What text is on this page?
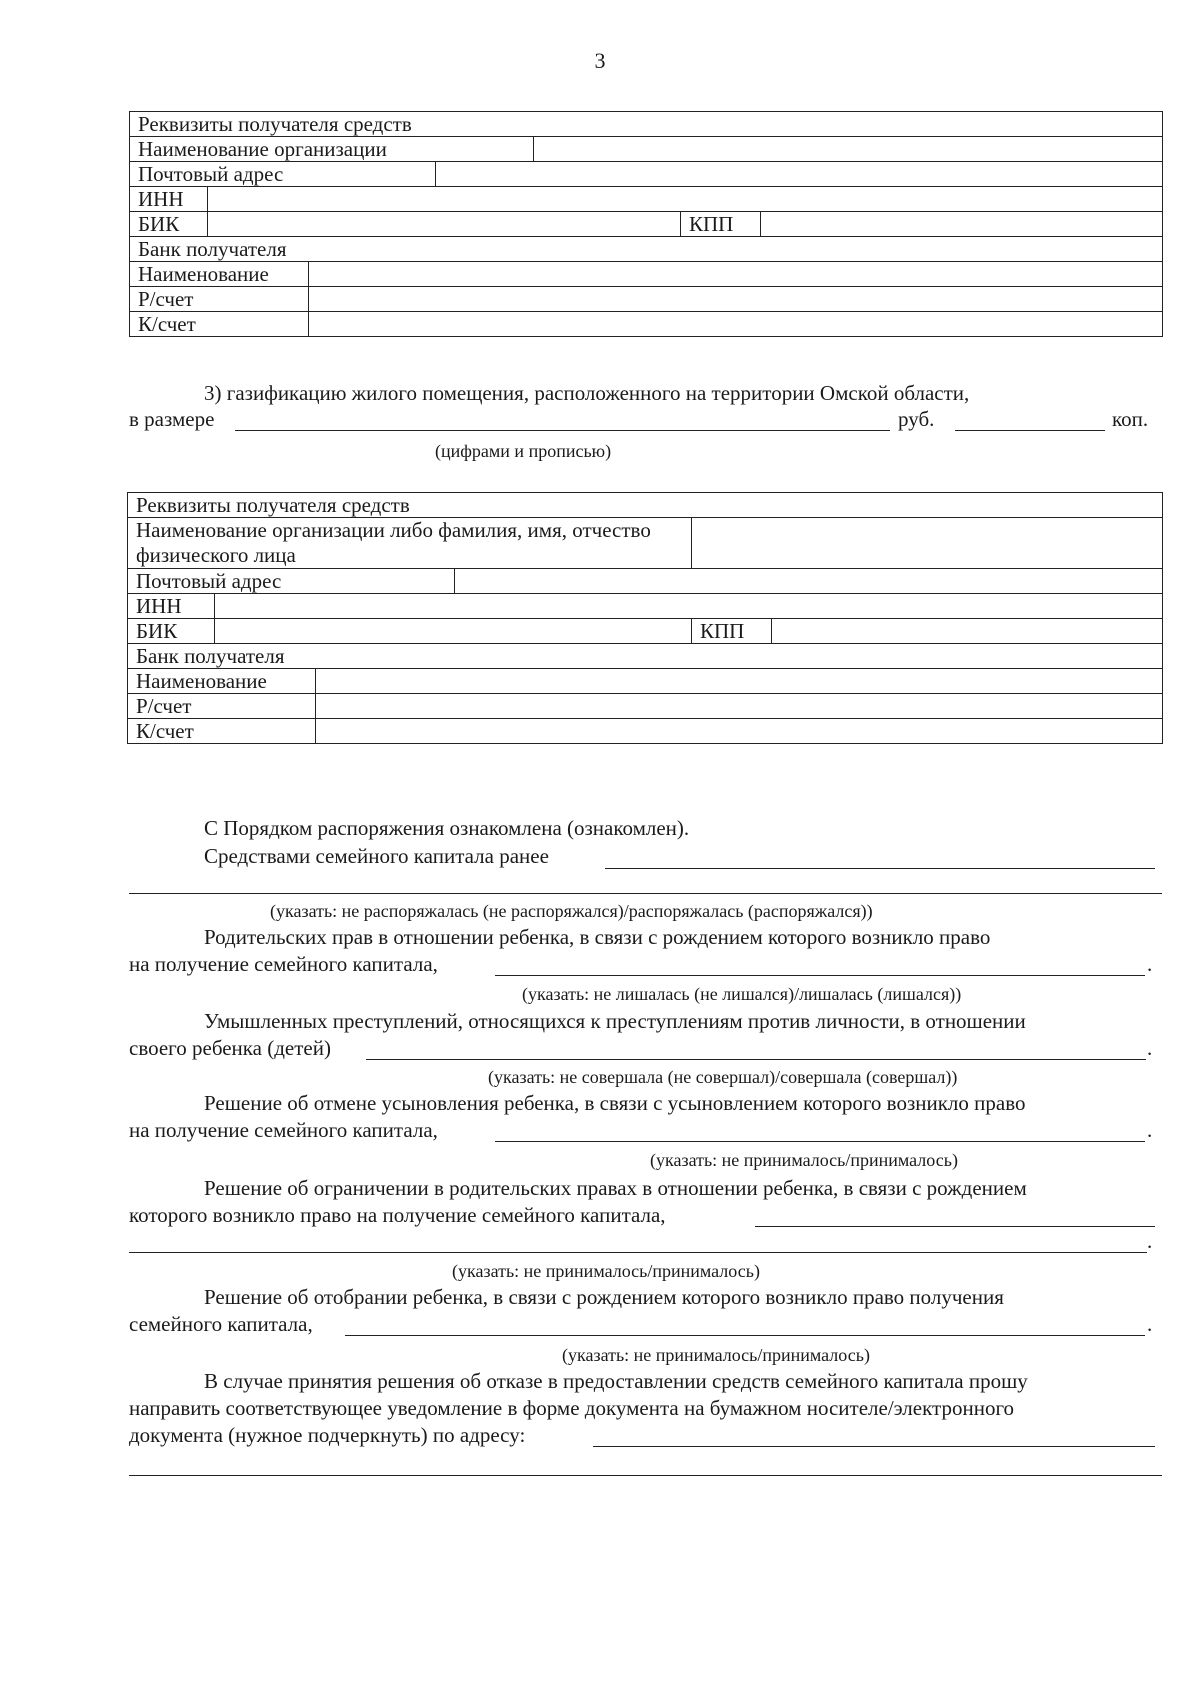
3
Реквизиты получателя средств						
Наименование организации						
Почтовый адрес						
ИНН						
БИК					КПП	
Банк получателя						
Наименование						
Р/счет						
К/счет						
3) газификацию жилого помещения, расположенного на территории Омской области,
в размере	руб.	коп.
(цифрами и прописью)
Реквизиты получателя средств					
Наименование организации либо фамилия, имя, отчество физического лица					
Почтовый адрес					
ИНН					
БИК				КПП	
Банк получателя					
Наименование					
Р/счет					
К/счет					
С Порядком распоряжения ознакомлена (ознакомлен).
Средствами семейного капитала ранее
(указать: не распоряжалась (не распоряжался)/распоряжалась (распоряжался))
Родительских прав в отношении ребенка, в связи с рождением которого возникло право
на получение семейного капитала,	.
(указать: не лишалась (не лишался)/лишалась (лишался))
Умышленных преступлений, относящихся к преступлениям против личности, в отношении
своего ребенка (детей)	.
(указать: не совершала (не совершал)/совершала (совершал))
Решение об отмене усыновления ребенка, в связи с усыновлением которого возникло право
на получение семейного капитала,	.
(указать: не принималось/принималось)
Решение об ограничении в родительских правах в отношении ребенка, в связи с рождением
которого возникло право на получение семейного капитала,
.
(указать: не принималось/принималось)
Решение об отобрании ребенка, в связи с рождением которого возникло право получения
семейного капитала,	.
(указать: не принималось/принималось)
В случае принятия решения об отказе в предоставлении средств семейного капитала прошу
направить соответствующее уведомление в форме документа на бумажном носителе/электронного
документа (нужное подчеркнуть) по адресу:
